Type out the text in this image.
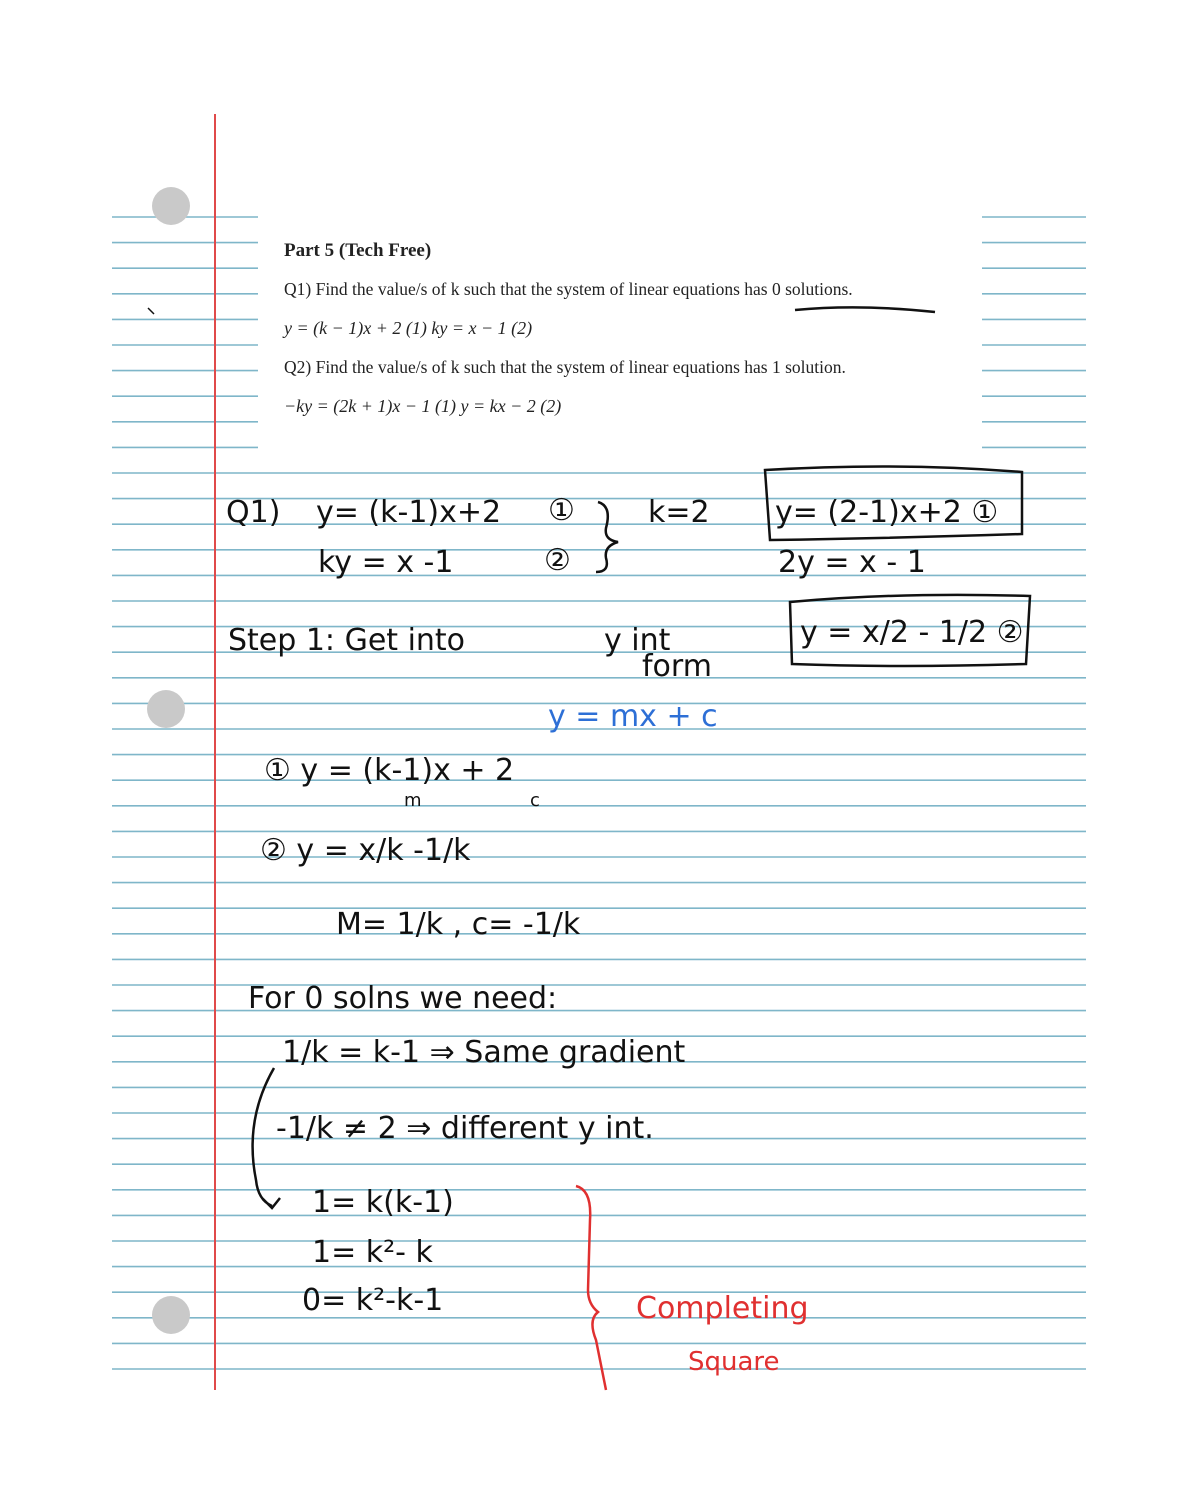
Part 5 (Tech Free)
Q1) Find the value/s of k such that the system of linear equations has 0 solutions.
y = (k − 1)x + 2 (1) ky = x − 1 (2)
Q2) Find the value/s of k such that the system of linear equations has 1 solution.
−ky = (2k + 1)x − 1 (1) y = kx − 2 (2)
Q1) y= (k-1)x+2 ①
ky = x -1	②
k=2 y= (2-1)x+2 ①
2y = x - 1
y = x/2 - 1/2 ②
Step 1: Get into	y int
form
y = mx + c
① y = (k-1)x + 2
m	c
② y = x/k -1/k
M= 1/k , c= -1/k
For 0 solns we need:
1/k = k-1 ⇒ Same gradient
-1/k ≠ 2 ⇒ different y int.
1= k(k-1)
1= k²- k
0= k²-k-1	Completing
Square
